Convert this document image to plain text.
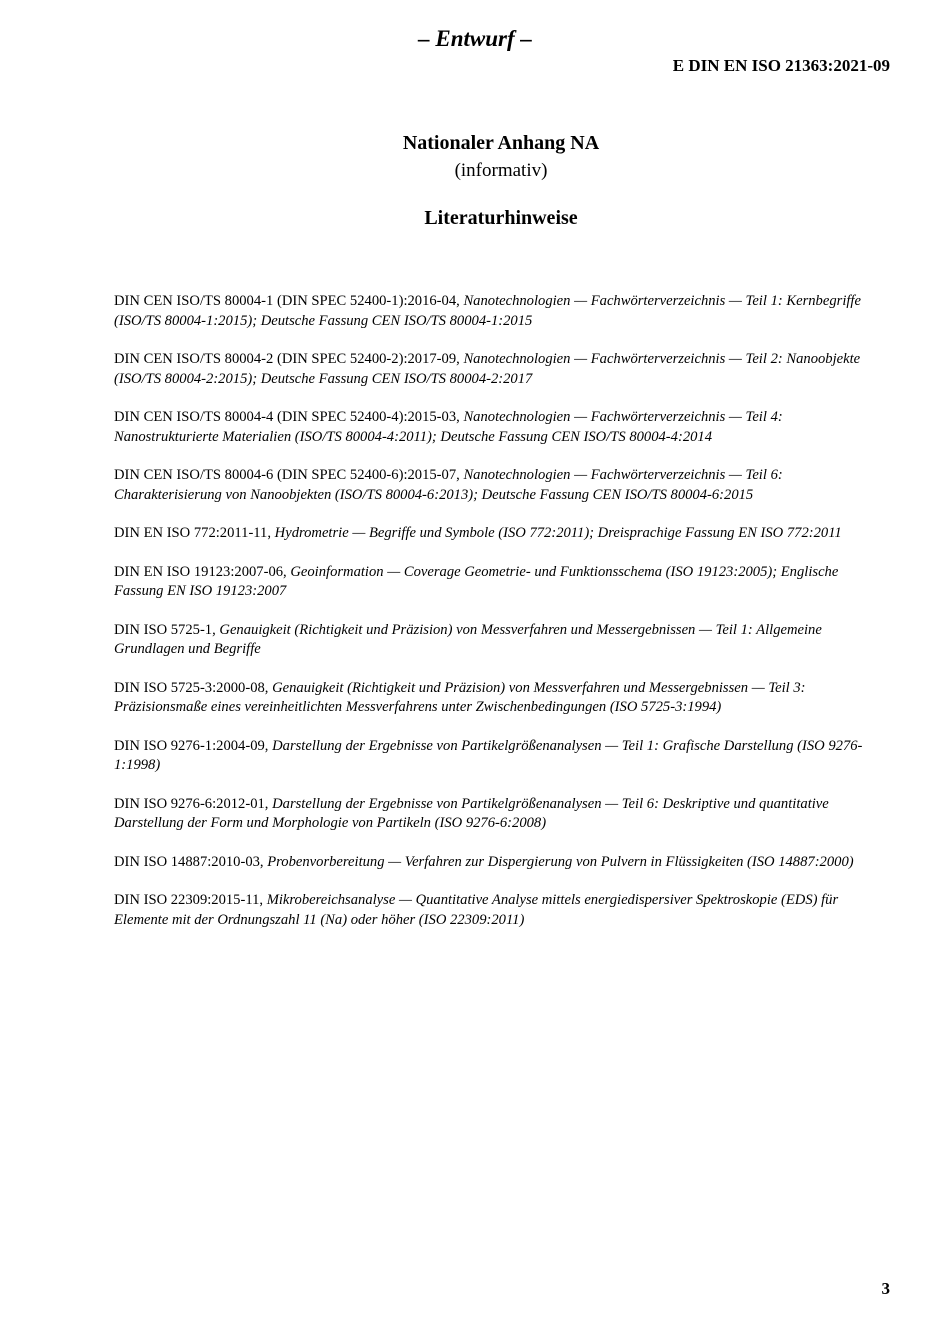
– Entwurf –
E DIN EN ISO 21363:2021-09
Nationaler Anhang NA
(informativ)
Literaturhinweise

DIN CEN ISO/TS 80004-1 (DIN SPEC 52400-1):2016-04, Nanotechnologien — Fachwörterverzeichnis — Teil 1: Kernbegriffe (ISO/TS 80004-1:2015); Deutsche Fassung CEN ISO/TS 80004-1:2015

DIN CEN ISO/TS 80004-2 (DIN SPEC 52400-2):2017-09, Nanotechnologien — Fachwörterverzeichnis — Teil 2: Nanoobjekte (ISO/TS 80004-2:2015); Deutsche Fassung CEN ISO/TS 80004-2:2017

DIN CEN ISO/TS 80004-4 (DIN SPEC 52400-4):2015-03, Nanotechnologien — Fachwörterverzeichnis — Teil 4: Nanostrukturierte Materialien (ISO/TS 80004-4:2011); Deutsche Fassung CEN ISO/TS 80004-4:2014

DIN CEN ISO/TS 80004-6 (DIN SPEC 52400-6):2015-07, Nanotechnologien — Fachwörterverzeichnis — Teil 6: Charakterisierung von Nanoobjekten (ISO/TS 80004-6:2013); Deutsche Fassung CEN ISO/TS 80004-6:2015

DIN EN ISO 772:2011-11, Hydrometrie — Begriffe und Symbole (ISO 772:2011); Dreisprachige Fassung EN ISO 772:2011

DIN EN ISO 19123:2007-06, Geoinformation — Coverage Geometrie- und Funktionsschema (ISO 19123:2005); Englische Fassung EN ISO 19123:2007

DIN ISO 5725-1, Genauigkeit (Richtigkeit und Präzision) von Messverfahren und Messergebnissen — Teil 1: Allgemeine Grundlagen und Begriffe

DIN ISO 5725-3:2000-08, Genauigkeit (Richtigkeit und Präzision) von Messverfahren und Messergebnissen — Teil 3: Präzisionsmaße eines vereinheitlichten Messverfahrens unter Zwischenbedingungen (ISO 5725-3:1994)

DIN ISO 9276-1:2004-09, Darstellung der Ergebnisse von Partikelgrößenanalysen — Teil 1: Grafische Darstellung (ISO 9276-1:1998)

DIN ISO 9276-6:2012-01, Darstellung der Ergebnisse von Partikelgrößenanalysen — Teil 6: Deskriptive und quantitative Darstellung der Form und Morphologie von Partikeln (ISO 9276-6:2008)

DIN ISO 14887:2010-03, Probenvorbereitung — Verfahren zur Dispergierung von Pulvern in Flüssigkeiten (ISO 14887:2000)

DIN ISO 22309:2015-11, Mikrobereichsanalyse — Quantitative Analyse mittels energiedispersiver Spektroskopie (EDS) für Elemente mit der Ordnungszahl 11 (Na) oder höher (ISO 22309:2011)

3
